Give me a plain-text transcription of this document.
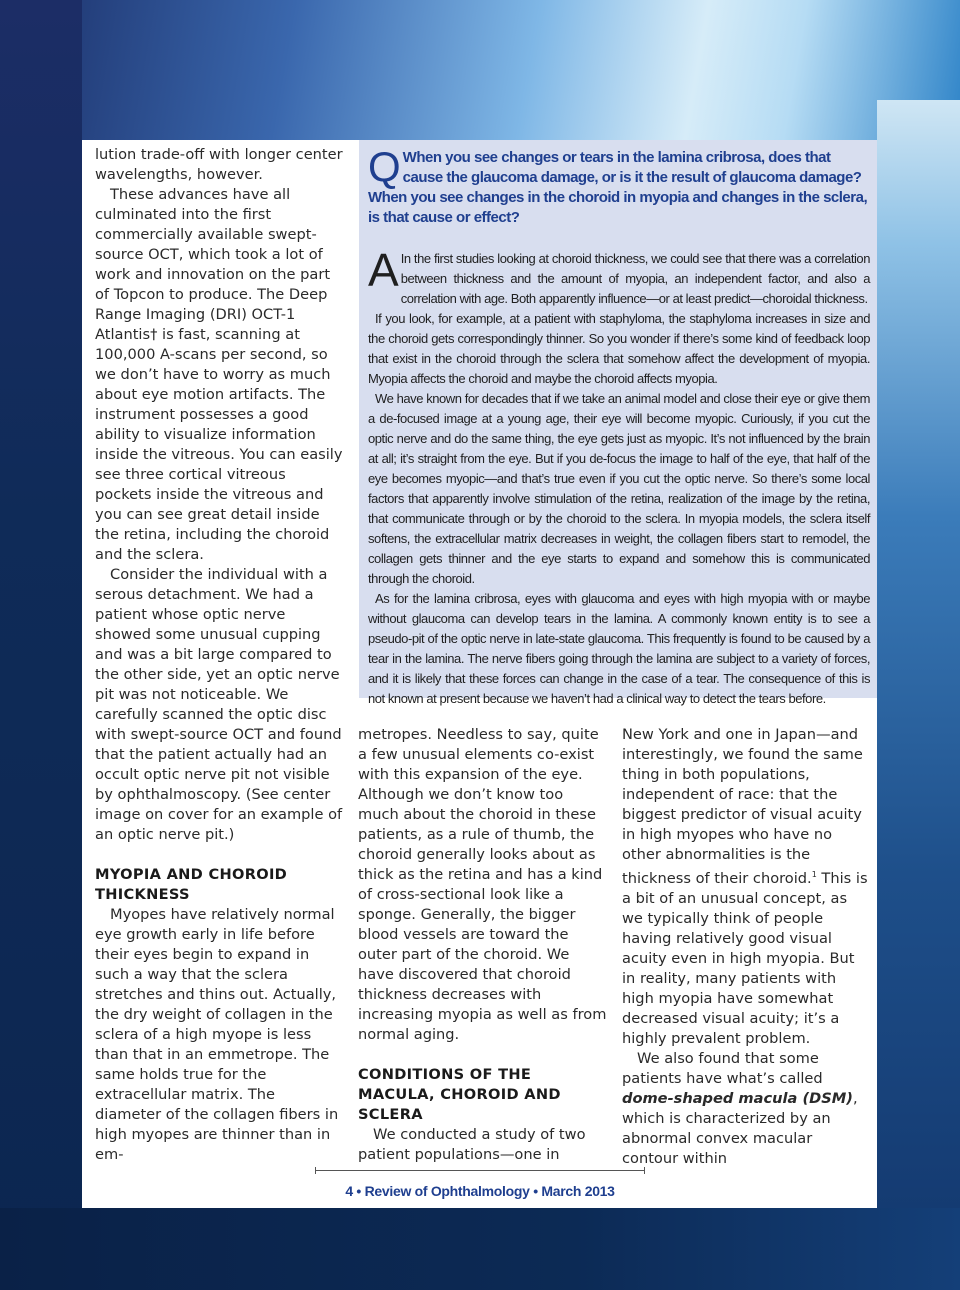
lution trade-off with longer center wavelengths, however.

These advances have all culminated into the first commercially available swept-source OCT, which took a lot of work and innovation on the part of Topcon to produce. The Deep Range Imaging (DRI) OCT-1 Atlantis† is fast, scanning at 100,000 A-scans per second, so we don’t have to worry as much about eye motion artifacts. The instrument possesses a good ability to visualize information inside the vitreous. You can easily see three cortical vitreous pockets inside the vitreous and you can see great detail inside the retina, including the choroid and the sclera.

Consider the individual with a serous detachment. We had a patient whose optic nerve showed some unusual cupping and was a bit large compared to the other side, yet an optic nerve pit was not noticeable. We carefully scanned the optic disc with swept-source OCT and found that the patient actually had an occult optic nerve pit not visible by ophthalmoscopy. (See center image on cover for an example of an optic nerve pit.)

MYOPIA AND CHOROID THICKNESS

Myopes have relatively normal eye growth early in life before their eyes begin to expand in such a way that the sclera stretches and thins out. Actually, the dry weight of collagen in the sclera of a high myope is less than that in an emmetrope. The same holds true for the extracellular matrix. The diameter of the collagen fibers in high myopes are thinner than in em-

Q When you see changes or tears in the lamina cribrosa, does that cause the glaucoma damage, or is it the result of glaucoma damage? When you see changes in the choroid in myopia and changes in the sclera, is that cause or effect?

A In the first studies looking at choroid thickness, we could see that there was a correlation between thickness and the amount of myopia, an independent factor, and also a correlation with age. Both apparently influence—or at least predict—choroidal thickness.

If you look, for example, at a patient with staphyloma, the staphyloma increases in size and the choroid gets correspondingly thinner. So you wonder if there’s some kind of feedback loop that exist in the choroid through the sclera that somehow affect the development of myopia. Myopia affects the choroid and maybe the choroid affects myopia.

We have known for decades that if we take an animal model and close their eye or give them a de-focused image at a young age, their eye will become myopic. Curiously, if you cut the optic nerve and do the same thing, the eye gets just as myopic. It’s not influenced by the brain at all; it’s straight from the eye. But if you de-focus the image to half of the eye, that half of the eye becomes myopic—and that’s true even if you cut the optic nerve. So there’s some local factors that apparently involve stimulation of the retina, realization of the image by the retina, that communicate through or by the choroid to the sclera. In myopia models, the sclera itself softens, the extracellular matrix decreases in weight, the collagen fibers start to remodel, the collagen gets thinner and the eye starts to expand and somehow this is communicated through the choroid.

As for the lamina cribrosa, eyes with glaucoma and eyes with high myopia with or maybe without glaucoma can develop tears in the lamina. A commonly known entity is to see a pseudo-pit of the optic nerve in late-state glaucoma. This frequently is found to be caused by a tear in the lamina. The nerve fibers going through the lamina are subject to a variety of forces, and it is likely that these forces can change in the case of a tear. The consequence of this is not known at present because we haven’t had a clinical way to detect the tears before.

metropes. Needless to say, quite a few unusual elements co-exist with this expansion of the eye. Although we don’t know too much about the choroid in these patients, as a rule of thumb, the choroid generally looks about as thick as the retina and has a kind of cross-sectional look like a sponge. Generally, the bigger blood vessels are toward the outer part of the choroid. We have discovered that choroid thickness decreases with increasing myopia as well as from normal aging.

CONDITIONS OF THE MACULA, CHOROID AND SCLERA

We conducted a study of two patient populations—one in

New York and one in Japan—and interestingly, we found the same thing in both populations, independent of race: that the biggest predictor of visual acuity in high myopes who have no other abnormalities is the thickness of their choroid.$^1$ This is a bit of an unusual concept, as we typically think of people having relatively good visual acuity even in high myopia. But in reality, many patients with high myopia have somewhat decreased visual acuity; it’s a highly prevalent problem.

We also found that some patients have what’s called dome-shaped macula (DSM), which is characterized by an abnormal convex macular contour within

4 • Review of Ophthalmology • March 2013
